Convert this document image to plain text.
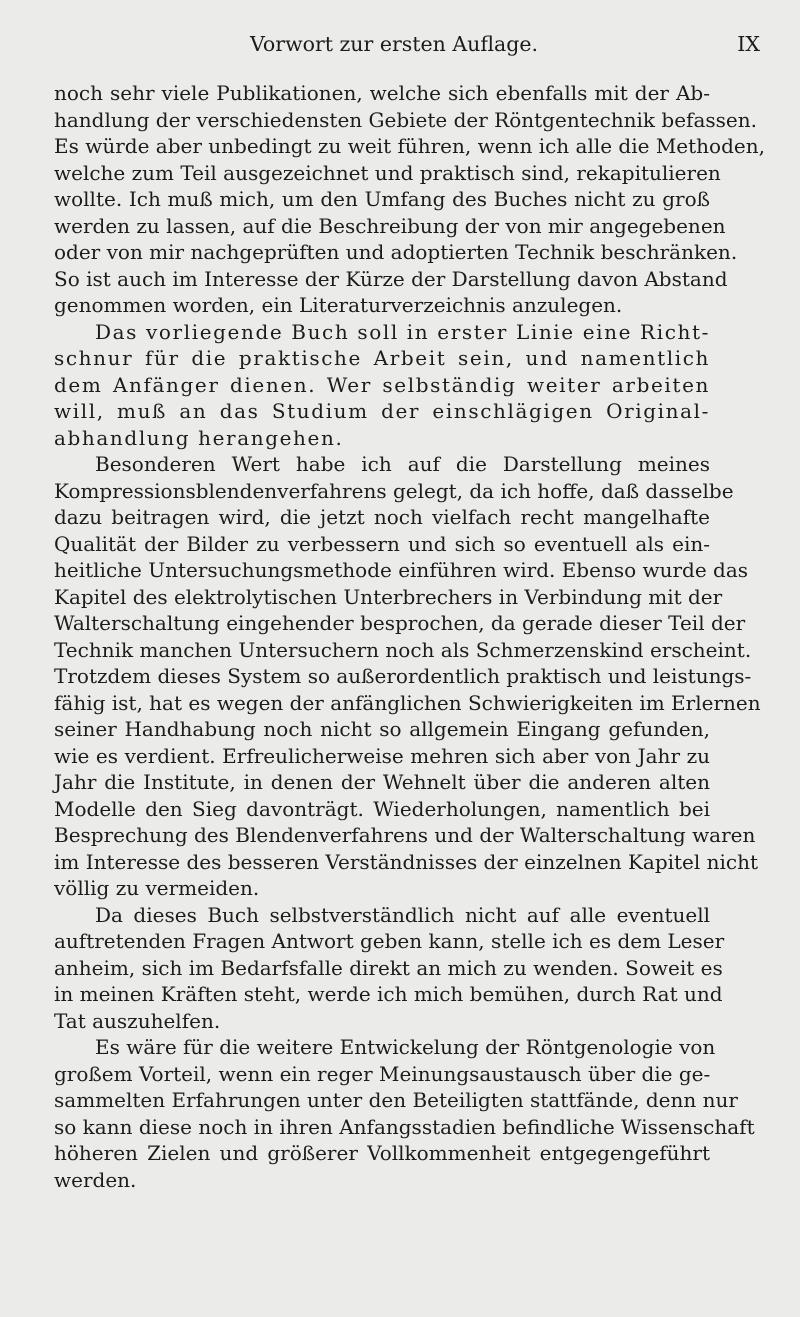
Vorwort zur ersten Auflage.	IX
noch sehr viele Publikationen, welche sich ebenfalls mit der Ab-
handlung der verschiedensten Gebiete der Röntgentechnik befassen.
Es würde aber unbedingt zu weit führen, wenn ich alle die Methoden,
welche zum Teil ausgezeichnet und praktisch sind, rekapitulieren
wollte. Ich muß mich, um den Umfang des Buches nicht zu groß
werden zu lassen, auf die Beschreibung der von mir angegebenen
oder von mir nachgeprüften und adoptierten Technik beschränken.
So ist auch im Interesse der Kürze der Darstellung davon Abstand
genommen worden, ein Literaturverzeichnis anzulegen.
Das vorliegende Buch soll in erster Linie eine Richt-
schnur für die praktische Arbeit sein, und namentlich
dem Anfänger dienen. Wer selbständig weiter arbeiten
will, muß an das Studium der einschlägigen Original-
abhandlung herangehen.
Besonderen Wert habe ich auf die Darstellung meines
Kompressionsblendenverfahrens gelegt, da ich hoffe, daß dasselbe
dazu beitragen wird, die jetzt noch vielfach recht mangelhafte
Qualität der Bilder zu verbessern und sich so eventuell als ein-
heitliche Untersuchungsmethode einführen wird. Ebenso wurde das
Kapitel des elektrolytischen Unterbrechers in Verbindung mit der
Walterschaltung eingehender besprochen, da gerade dieser Teil der
Technik manchen Untersuchern noch als Schmerzenskind erscheint.
Trotzdem dieses System so außerordentlich praktisch und leistungs-
fähig ist, hat es wegen der anfänglichen Schwierigkeiten im Erlernen
seiner Handhabung noch nicht so allgemein Eingang gefunden,
wie es verdient. Erfreulicherweise mehren sich aber von Jahr zu
Jahr die Institute, in denen der Wehnelt über die anderen alten
Modelle den Sieg davonträgt. Wiederholungen, namentlich bei
Besprechung des Blendenverfahrens und der Walterschaltung waren
im Interesse des besseren Verständnisses der einzelnen Kapitel nicht
völlig zu vermeiden.
Da dieses Buch selbstverständlich nicht auf alle eventuell
auftretenden Fragen Antwort geben kann, stelle ich es dem Leser
anheim, sich im Bedarfsfalle direkt an mich zu wenden. Soweit es
in meinen Kräften steht, werde ich mich bemühen, durch Rat und
Tat auszuhelfen.
Es wäre für die weitere Entwickelung der Röntgenologie von
großem Vorteil, wenn ein reger Meinungsaustausch über die ge-
sammelten Erfahrungen unter den Beteiligten stattfände, denn nur
so kann diese noch in ihren Anfangsstadien befindliche Wissenschaft
höheren Zielen und größerer Vollkommenheit entgegengeführt
werden.
